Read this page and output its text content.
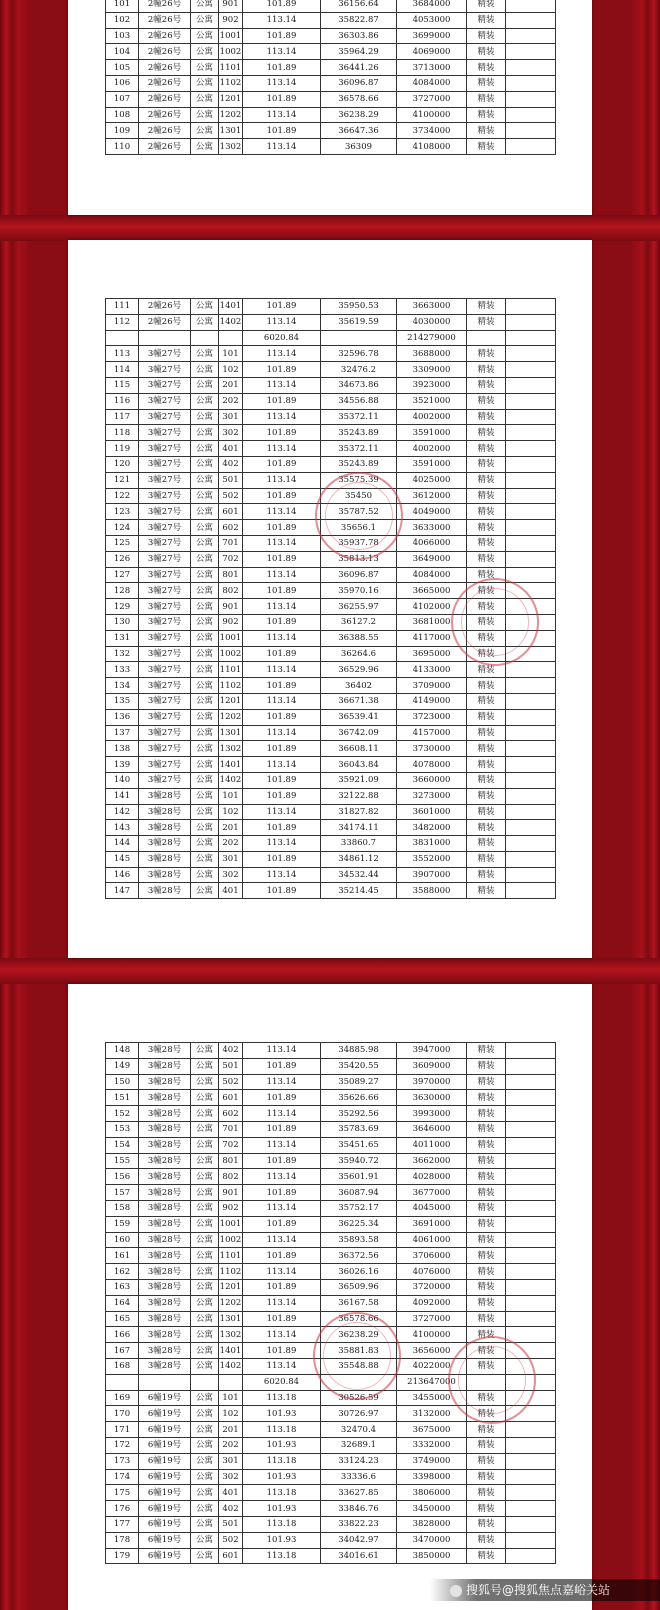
101	2幢26号	公寓	901	101.89	36156.64	3684000	精装	
102	2幢26号	公寓	902	113.14	35822.87	4053000	精装	
103	2幢26号	公寓	1001	101.89	36303.86	3699000	精装	
104	2幢26号	公寓	1002	113.14	35964.29	4069000	精装	
105	2幢26号	公寓	1101	101.89	36441.26	3713000	精装	
106	2幢26号	公寓	1102	113.14	36096.87	4084000	精装	
107	2幢26号	公寓	1201	101.89	36578.66	3727000	精装	
108	2幢26号	公寓	1202	113.14	36238.29	4100000	精装	
109	2幢26号	公寓	1301	101.89	36647.36	3734000	精装	
110	2幢26号	公寓	1302	113.14	36309	4108000	精装	
111	2幢26号	公寓	1401	101.89	35950.53	3663000	精装	
112	2幢26号	公寓	1402	113.14	35619.59	4030000	精装	
				6020.84		214279000		
113	3幢27号	公寓	101	113.14	32596.78	3688000	精装	
114	3幢27号	公寓	102	101.89	32476.2	3309000	精装	
115	3幢27号	公寓	201	113.14	34673.86	3923000	精装	
116	3幢27号	公寓	202	101.89	34556.88	3521000	精装	
117	3幢27号	公寓	301	113.14	35372.11	4002000	精装	
118	3幢27号	公寓	302	101.89	35243.89	3591000	精装	
119	3幢27号	公寓	401	113.14	35372.11	4002000	精装	
120	3幢27号	公寓	402	101.89	35243.89	3591000	精装	
121	3幢27号	公寓	501	113.14	35575.39	4025000	精装	
122	3幢27号	公寓	502	101.89	35450	3612000	精装	
123	3幢27号	公寓	601	113.14	35787.52	4049000	精装	
124	3幢27号	公寓	602	101.89	35656.1	3633000	精装	
125	3幢27号	公寓	701	113.14	35937.78	4066000	精装	
126	3幢27号	公寓	702	101.89	35813.13	3649000	精装	
127	3幢27号	公寓	801	113.14	36096.87	4084000	精装	
128	3幢27号	公寓	802	101.89	35970.16	3665000	精装	
129	3幢27号	公寓	901	113.14	36255.97	4102000	精装	
130	3幢27号	公寓	902	101.89	36127.2	3681000	精装	
131	3幢27号	公寓	1001	113.14	36388.55	4117000	精装	
132	3幢27号	公寓	1002	101.89	36264.6	3695000	精装	
133	3幢27号	公寓	1101	113.14	36529.96	4133000	精装	
134	3幢27号	公寓	1102	101.89	36402	3709000	精装	
135	3幢27号	公寓	1201	113.14	36671.38	4149000	精装	
136	3幢27号	公寓	1202	101.89	36539.41	3723000	精装	
137	3幢27号	公寓	1301	113.14	36742.09	4157000	精装	
138	3幢27号	公寓	1302	101.89	36608.11	3730000	精装	
139	3幢27号	公寓	1401	113.14	36043.84	4078000	精装	
140	3幢27号	公寓	1402	101.89	35921.09	3660000	精装	
141	3幢28号	公寓	101	101.89	32122.88	3273000	精装	
142	3幢28号	公寓	102	113.14	31827.82	3601000	精装	
143	3幢28号	公寓	201	101.89	34174.11	3482000	精装	
144	3幢28号	公寓	202	113.14	33860.7	3831000	精装	
145	3幢28号	公寓	301	101.89	34861.12	3552000	精装	
146	3幢28号	公寓	302	113.14	34532.44	3907000	精装	
147	3幢28号	公寓	401	101.89	35214.45	3588000	精装	
148	3幢28号	公寓	402	113.14	34885.98	3947000	精装	
149	3幢28号	公寓	501	101.89	35420.55	3609000	精装	
150	3幢28号	公寓	502	113.14	35089.27	3970000	精装	
151	3幢28号	公寓	601	101.89	35626.66	3630000	精装	
152	3幢28号	公寓	602	113.14	35292.56	3993000	精装	
153	3幢28号	公寓	701	101.89	35783.69	3646000	精装	
154	3幢28号	公寓	702	113.14	35451.65	4011000	精装	
155	3幢28号	公寓	801	101.89	35940.72	3662000	精装	
156	3幢28号	公寓	802	113.14	35601.91	4028000	精装	
157	3幢28号	公寓	901	101.89	36087.94	3677000	精装	
158	3幢28号	公寓	902	113.14	35752.17	4045000	精装	
159	3幢28号	公寓	1001	101.89	36225.34	3691000	精装	
160	3幢28号	公寓	1002	113.14	35893.58	4061000	精装	
161	3幢28号	公寓	1101	101.89	36372.56	3706000	精装	
162	3幢28号	公寓	1102	113.14	36026.16	4076000	精装	
163	3幢28号	公寓	1201	101.89	36509.96	3720000	精装	
164	3幢28号	公寓	1202	113.14	36167.58	4092000	精装	
165	3幢28号	公寓	1301	101.89	36578.66	3727000	精装	
166	3幢28号	公寓	1302	113.14	36238.29	4100000	精装	
167	3幢28号	公寓	1401	101.89	35881.83	3656000	精装	
168	3幢28号	公寓	1402	113.14	35548.88	4022000	精装	
				6020.84		213647000		
169	6幢19号	公寓	101	113.18	30526.59	3455000	精装	
170	6幢19号	公寓	102	101.93	30726.97	3132000	精装	
171	6幢19号	公寓	201	113.18	32470.4	3675000	精装	
172	6幢19号	公寓	202	101.93	32689.1	3332000	精装	
173	6幢19号	公寓	301	113.18	33124.23	3749000	精装	
174	6幢19号	公寓	302	101.93	33336.6	3398000	精装	
175	6幢19号	公寓	401	113.18	33627.85	3806000	精装	
176	6幢19号	公寓	402	101.93	33846.76	3450000	精装	
177	6幢19号	公寓	501	113.18	33822.23	3828000	精装	
178	6幢19号	公寓	502	101.93	34042.97	3470000	精装	
179	6幢19号	公寓	601	113.18	34016.61	3850000	精装	
搜狐号@搜狐焦点嘉峪关站
